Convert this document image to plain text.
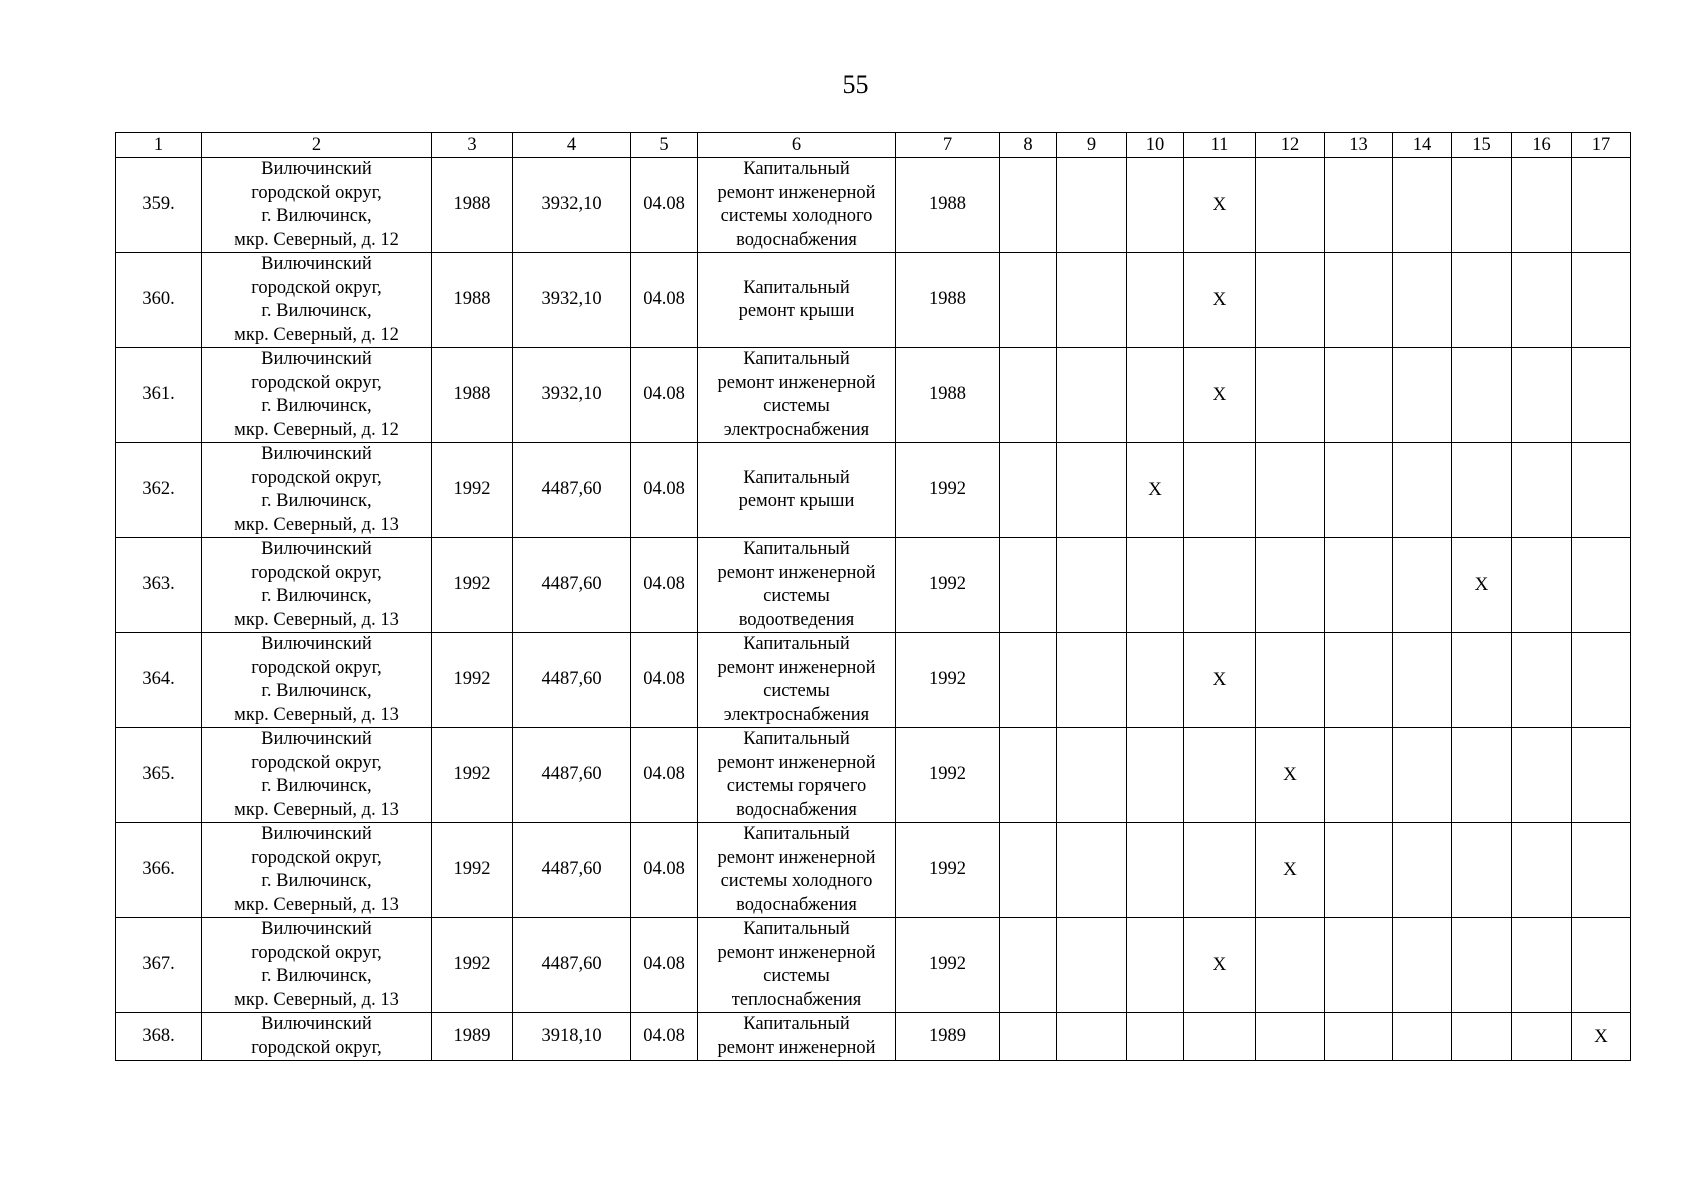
55
1	2	3	4	5	6	7	8	9	10	11	12	13	14	15	16	17
359.	Вилючинский
городской округ,
г. Вилючинск,
мкр. Северный, д. 12	1988	3932,10	04.08	Капитальный
ремонт инженерной
системы холодного
водоснабжения	1988				X						
360.	Вилючинский
городской округ,
г. Вилючинск,
мкр. Северный, д. 12	1988	3932,10	04.08	Капитальный
ремонт крыши	1988				X						
361.	Вилючинский
городской округ,
г. Вилючинск,
мкр. Северный, д. 12	1988	3932,10	04.08	Капитальный
ремонт инженерной
системы
электроснабжения	1988				X						
362.	Вилючинский
городской округ,
г. Вилючинск,
мкр. Северный, д. 13	1992	4487,60	04.08	Капитальный
ремонт крыши	1992			X							
363.	Вилючинский
городской округ,
г. Вилючинск,
мкр. Северный, д. 13	1992	4487,60	04.08	Капитальный
ремонт инженерной
системы
водоотведения	1992								X		
364.	Вилючинский
городской округ,
г. Вилючинск,
мкр. Северный, д. 13	1992	4487,60	04.08	Капитальный
ремонт инженерной
системы
электроснабжения	1992				X						
365.	Вилючинский
городской округ,
г. Вилючинск,
мкр. Северный, д. 13	1992	4487,60	04.08	Капитальный
ремонт инженерной
системы горячего
водоснабжения	1992					X					
366.	Вилючинский
городской округ,
г. Вилючинск,
мкр. Северный, д. 13	1992	4487,60	04.08	Капитальный
ремонт инженерной
системы холодного
водоснабжения	1992					X					
367.	Вилючинский
городской округ,
г. Вилючинск,
мкр. Северный, д. 13	1992	4487,60	04.08	Капитальный
ремонт инженерной
системы
теплоснабжения	1992				X						
368.	Вилючинский
городской округ,	1989	3918,10	04.08	Капитальный
ремонт инженерной	1989										X
